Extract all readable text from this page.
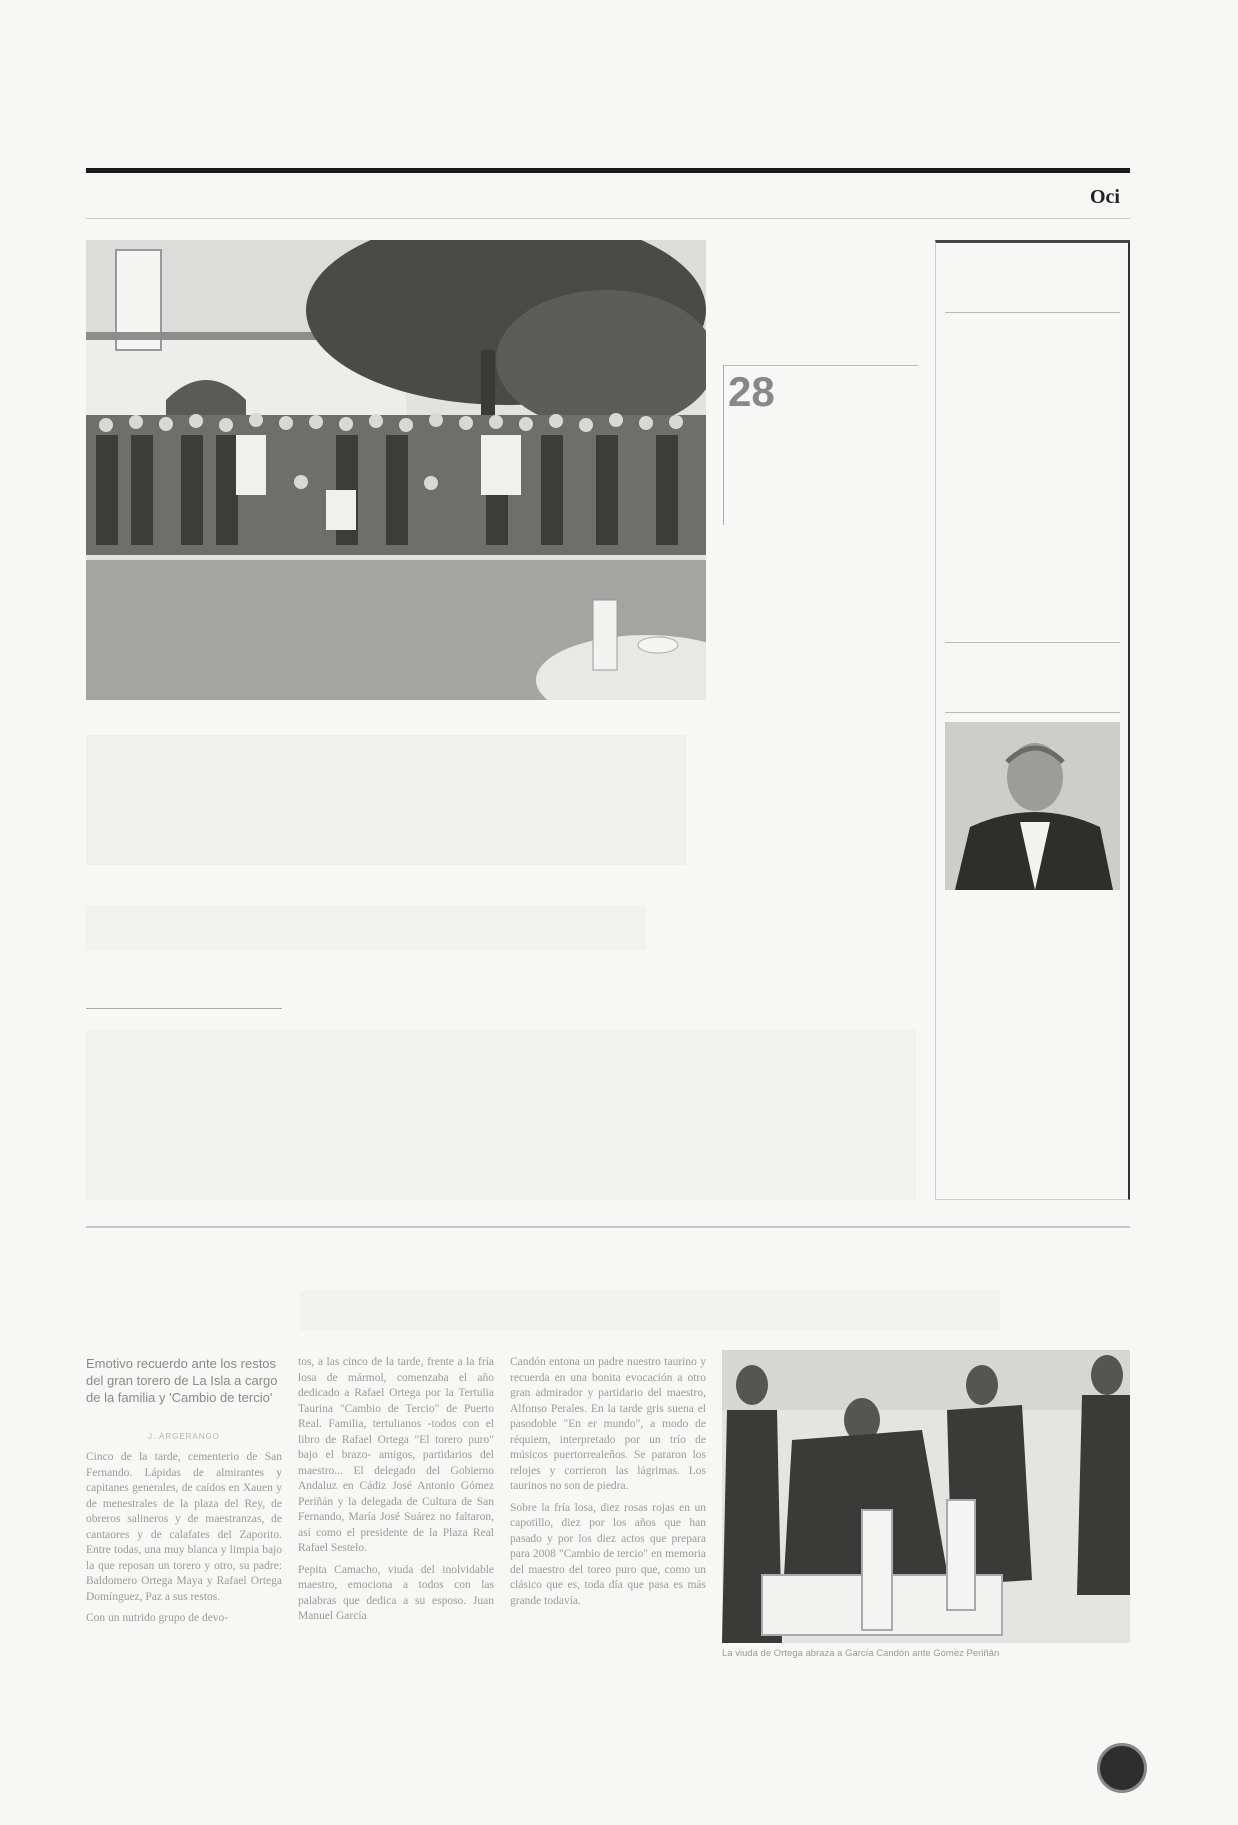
Oci
28
Emotivo recuerdo ante los restos del gran torero de La Isla a cargo de la familia y 'Cambio de tercio'
J. ARGERANGO

Cinco de la tarde, cementerio de San Fernando. Lápidas de almirantes y capitanes generales, de caídos en Xauen y de menestrales de la plaza del Rey, de obreros salineros y de maestranzas, de cantaores y de calafates del Zaporito. Entre todas, una muy blanca y limpia bajo la que reposan un torero y otro, su padre: Baldomero Ortega Maya y Rafael Ortega Domínguez, Paz a sus restos.

Con un nutrido grupo de devo-

tos, a las cinco de la tarde, frente a la fría losa de mármol, comenzaba el año dedicado a Rafael Ortega por la Tertulia Taurina "Cambio de Tercio" de Puerto Real. Familia, tertulianos -todos con el libro de Rafael Ortega "El torero puro" bajo el brazo- amigos, partidarios del maestro... El delegado del Gobierno Andaluz en Cádiz José Antonio Gómez Periñán y la delegada de Cultura de San Fernando, María José Suárez no faltaron, así como el presidente de la Plaza Real Rafael Sestelo.

Pepita Camacho, viuda del inolvidable maestro, emociona a todos con las palabras que dedica a su esposo. Juan Manuel García

Candón entona un padre nuestro taurino y recuerda en una bonita evocación a otro gran admirador y partidario del maestro, Alfonso Perales. En la tarde gris suena el pasodoble "En er mundo", a modo de réquiem, interpretado por un trío de músicos puertorrealeños. Se pararon los relojes y corrieron las lágrimas. Los taurinos no son de piedra.

Sobre la fría losa, diez rosas rojas en un capotillo, diez por los años que han pasado y por los diez actos que prepara para 2008 "Cambio de tercio" en memoria del maestro del toreo puro que, como un clásico que es, toda día que pasa es más grande todavía.

La viuda de Ortega abraza a García Candón ante Gómez Periñán
